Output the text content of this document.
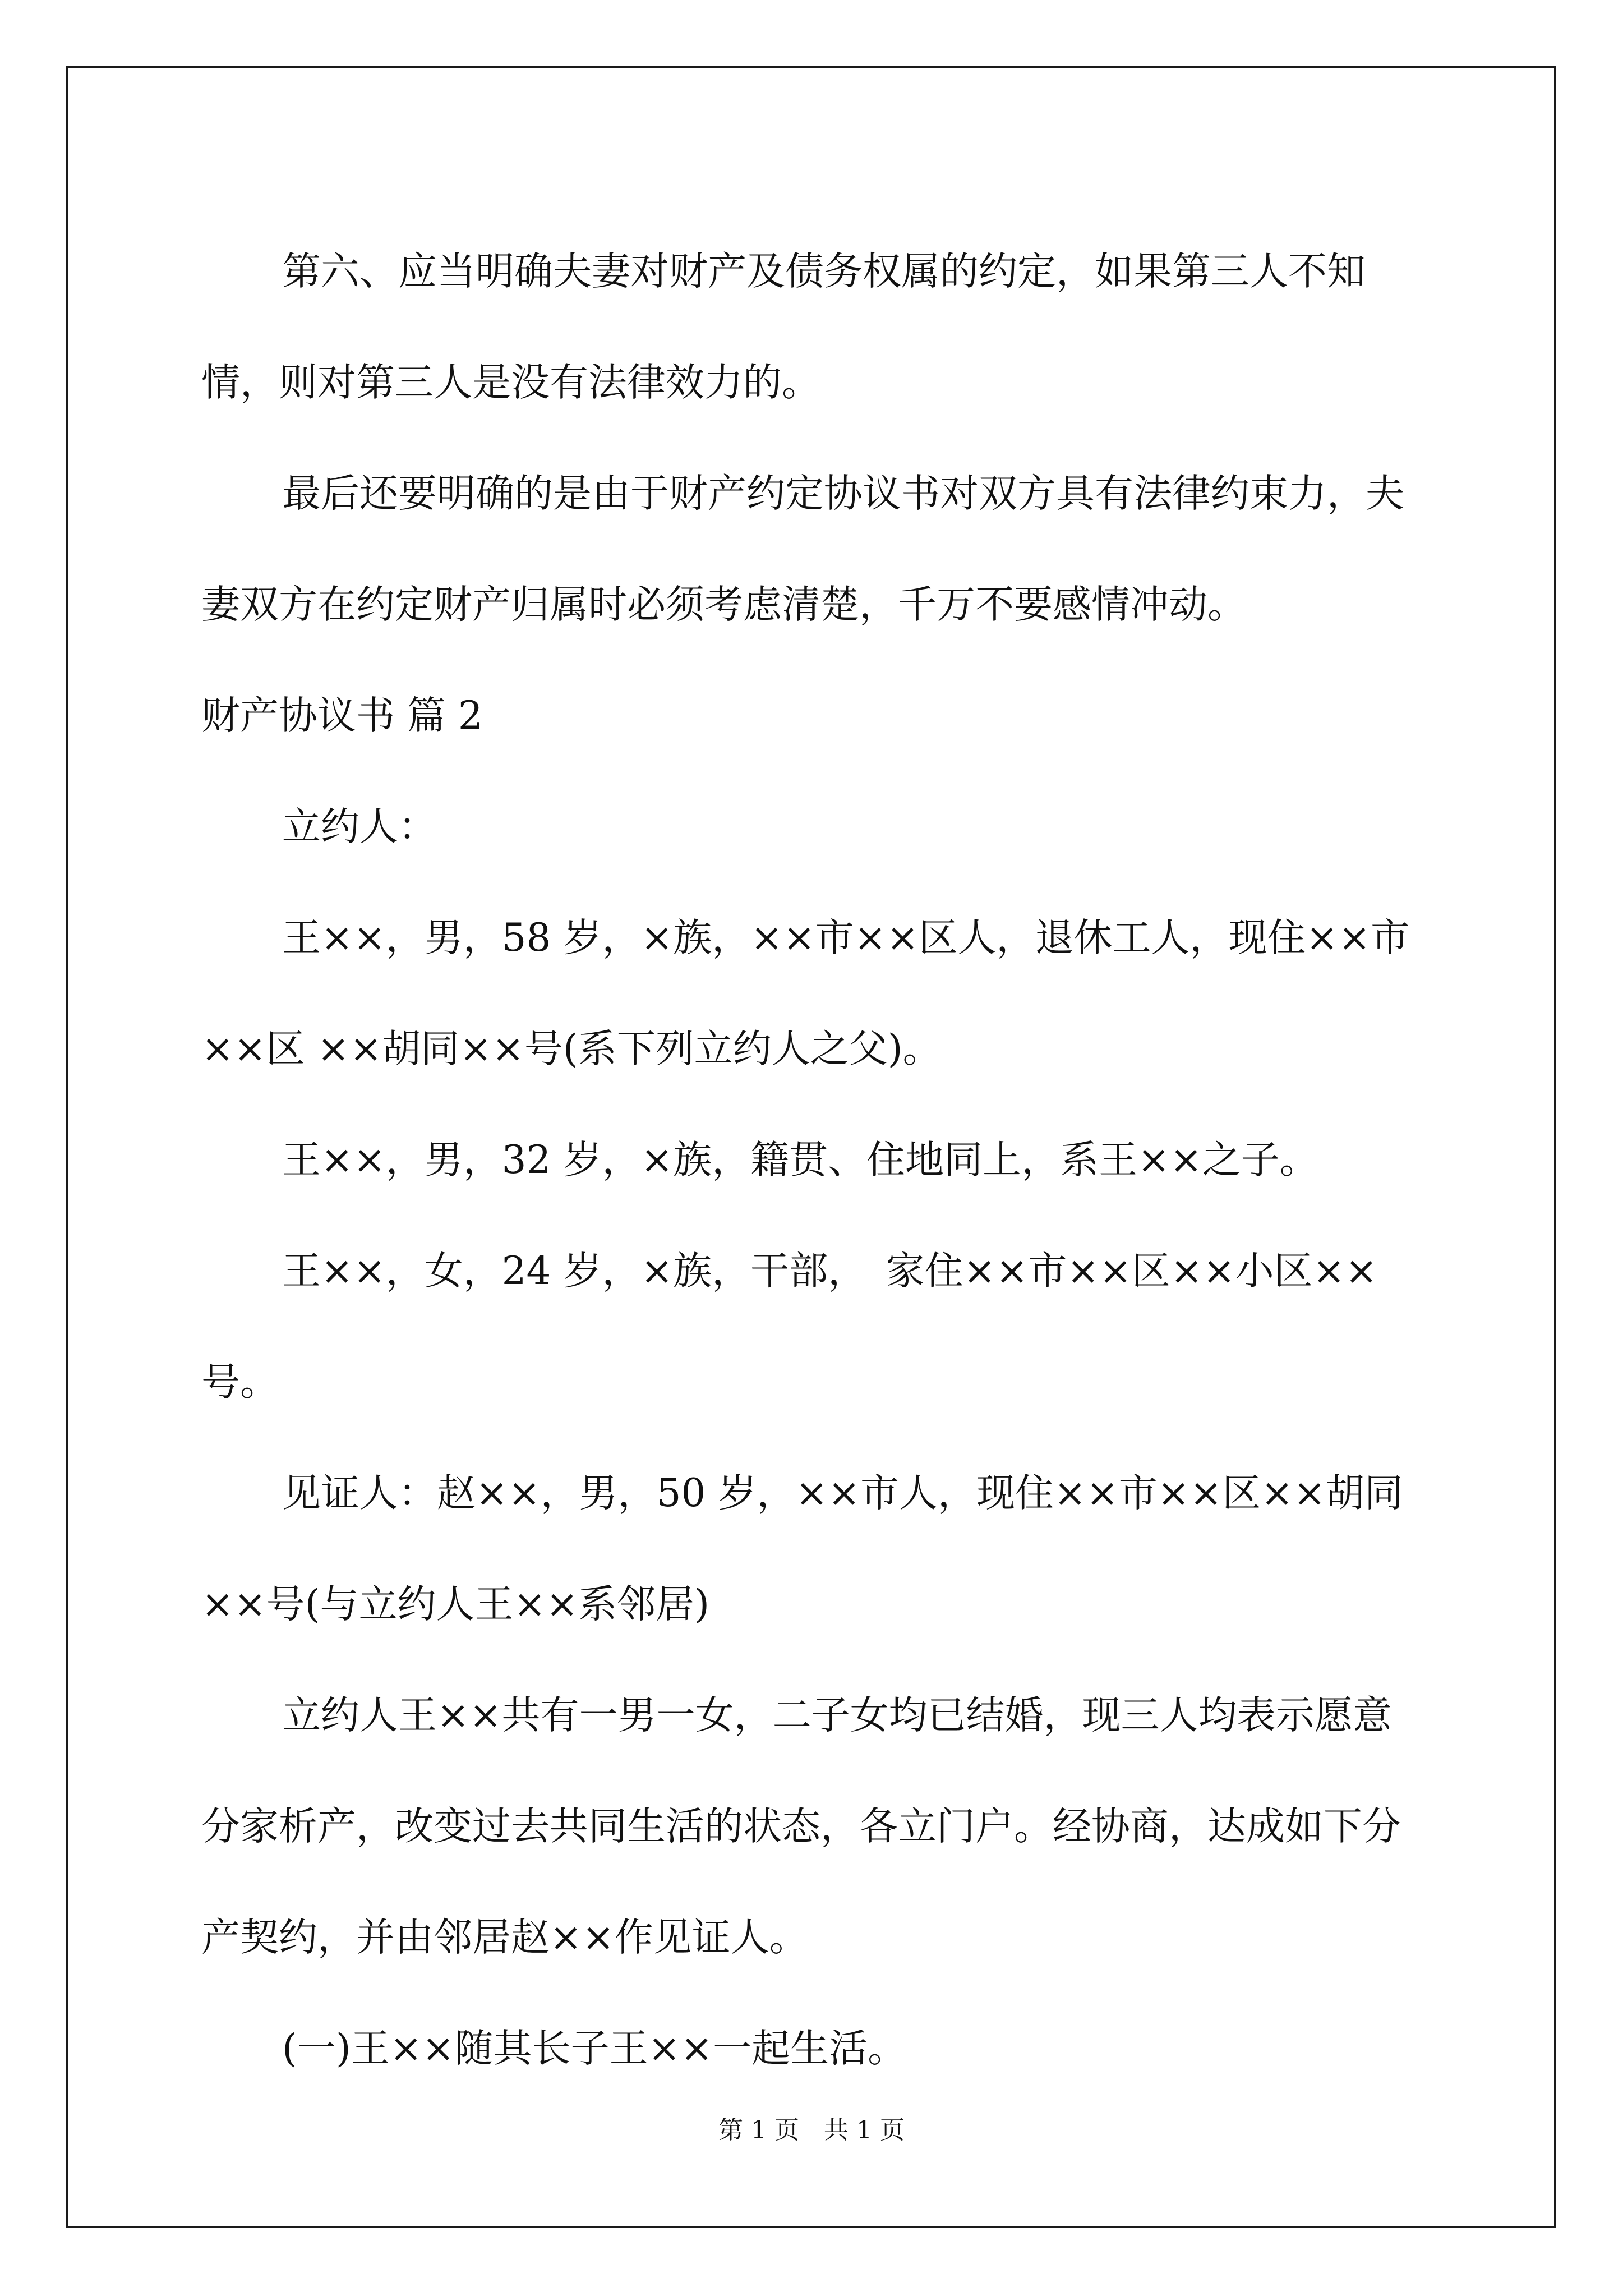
第六、应当明确夫妻对财产及债务权属的约定，如果第三人不知情，则对第三人是没有法律效力的。

最后还要明确的是由于财产约定协议书对双方具有法律约束力，夫妻双方在约定财产归属时必须考虑清楚，千万不要感情冲动。

财产协议书 篇 2

立约人：

王××，男，58 岁，×族，××市××区人，退休工人，现住××市××区 ××胡同××号(系下列立约人之父)。

王××，男，32 岁，×族，籍贯、住地同上，系王××之子。

王××，女，24 岁，×族，干部，　家住××市××区××小区××号。

见证人：赵××，男，50 岁，××市人，现住××市××区××胡同××号(与立约人王××系邻居)

立约人王××共有一男一女，二子女均已结婚，现三人均表示愿意分家析产，改变过去共同生活的状态，各立门户。经协商，达成如下分产契约，并由邻居赵××作见证人。

(一)王××随其长子王××一起生活。

第 1 页　共 1 页
